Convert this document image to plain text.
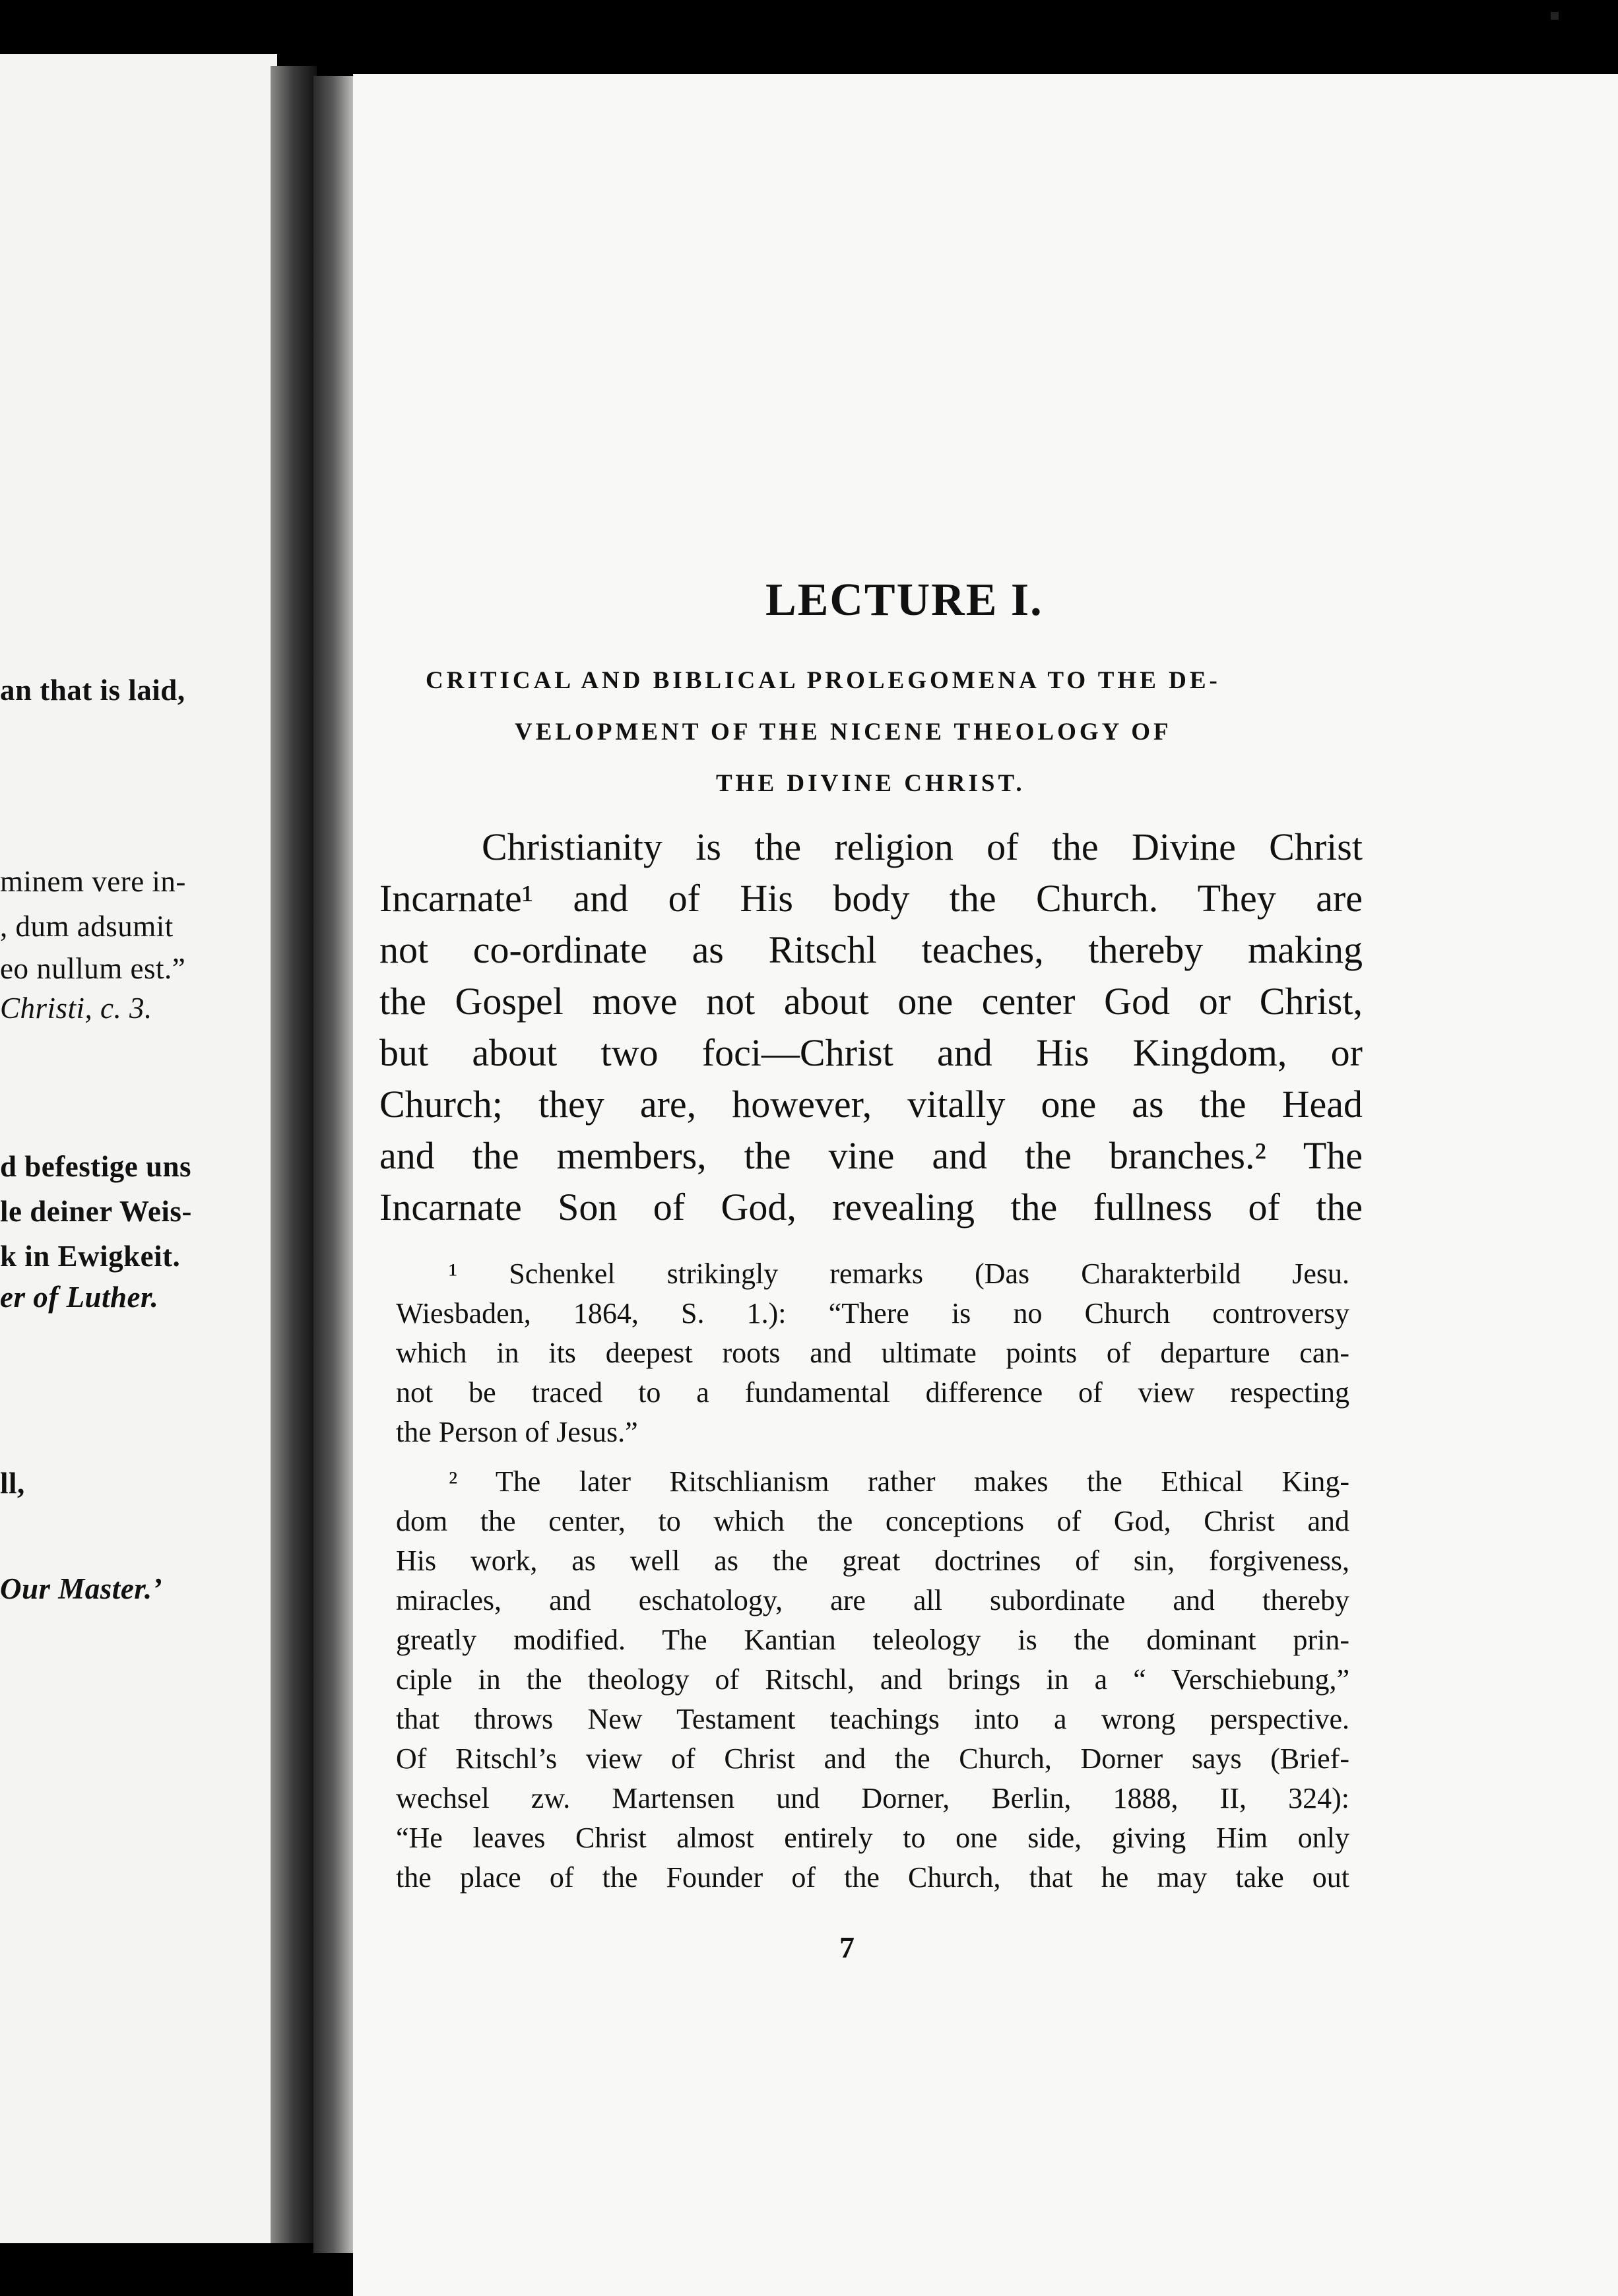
an that is laid,
minem vere in-
, dum adsumit
eo nullum est.”
Christi, c. 3.
d befestige uns
le deiner Weis-
k in Ewigkeit.
er of Luther.
ll,
Our Master.’
LECTURE I.
CRITICAL AND BIBLICAL PROLEGOMENA TO THE DE-
VELOPMENT OF THE NICENE THEOLOGY OF
THE DIVINE CHRIST.
Christianity is the religion of the Divine Christ
Incarnate¹ and of His body the Church. They are
not co-ordinate as Ritschl teaches, thereby making
the Gospel move not about one center God or Christ,
but about two foci—Christ and His Kingdom, or
Church; they are, however, vitally one as the Head
and the members, the vine and the branches.² The
Incarnate Son of God, revealing the fullness of the
¹ Schenkel strikingly remarks (Das Charakterbild Jesu.
Wiesbaden, 1864, S. 1.): “There is no Church controversy
which in its deepest roots and ultimate points of departure can-
not be traced to a fundamental difference of view respecting
the Person of Jesus.”
² The later Ritschlianism rather makes the Ethical King-
dom the center, to which the conceptions of God, Christ and
His work, as well as the great doctrines of sin, forgiveness,
miracles, and eschatology, are all subordinate and thereby
greatly modified. The Kantian teleology is the dominant prin-
ciple in the theology of Ritschl, and brings in a “ Verschiebung,”
that throws New Testament teachings into a wrong perspective.
Of Ritschl’s view of Christ and the Church, Dorner says (Brief-
wechsel zw. Martensen und Dorner, Berlin, 1888, II, 324):
“He leaves Christ almost entirely to one side, giving Him only
the place of the Founder of the Church, that he may take out
7
